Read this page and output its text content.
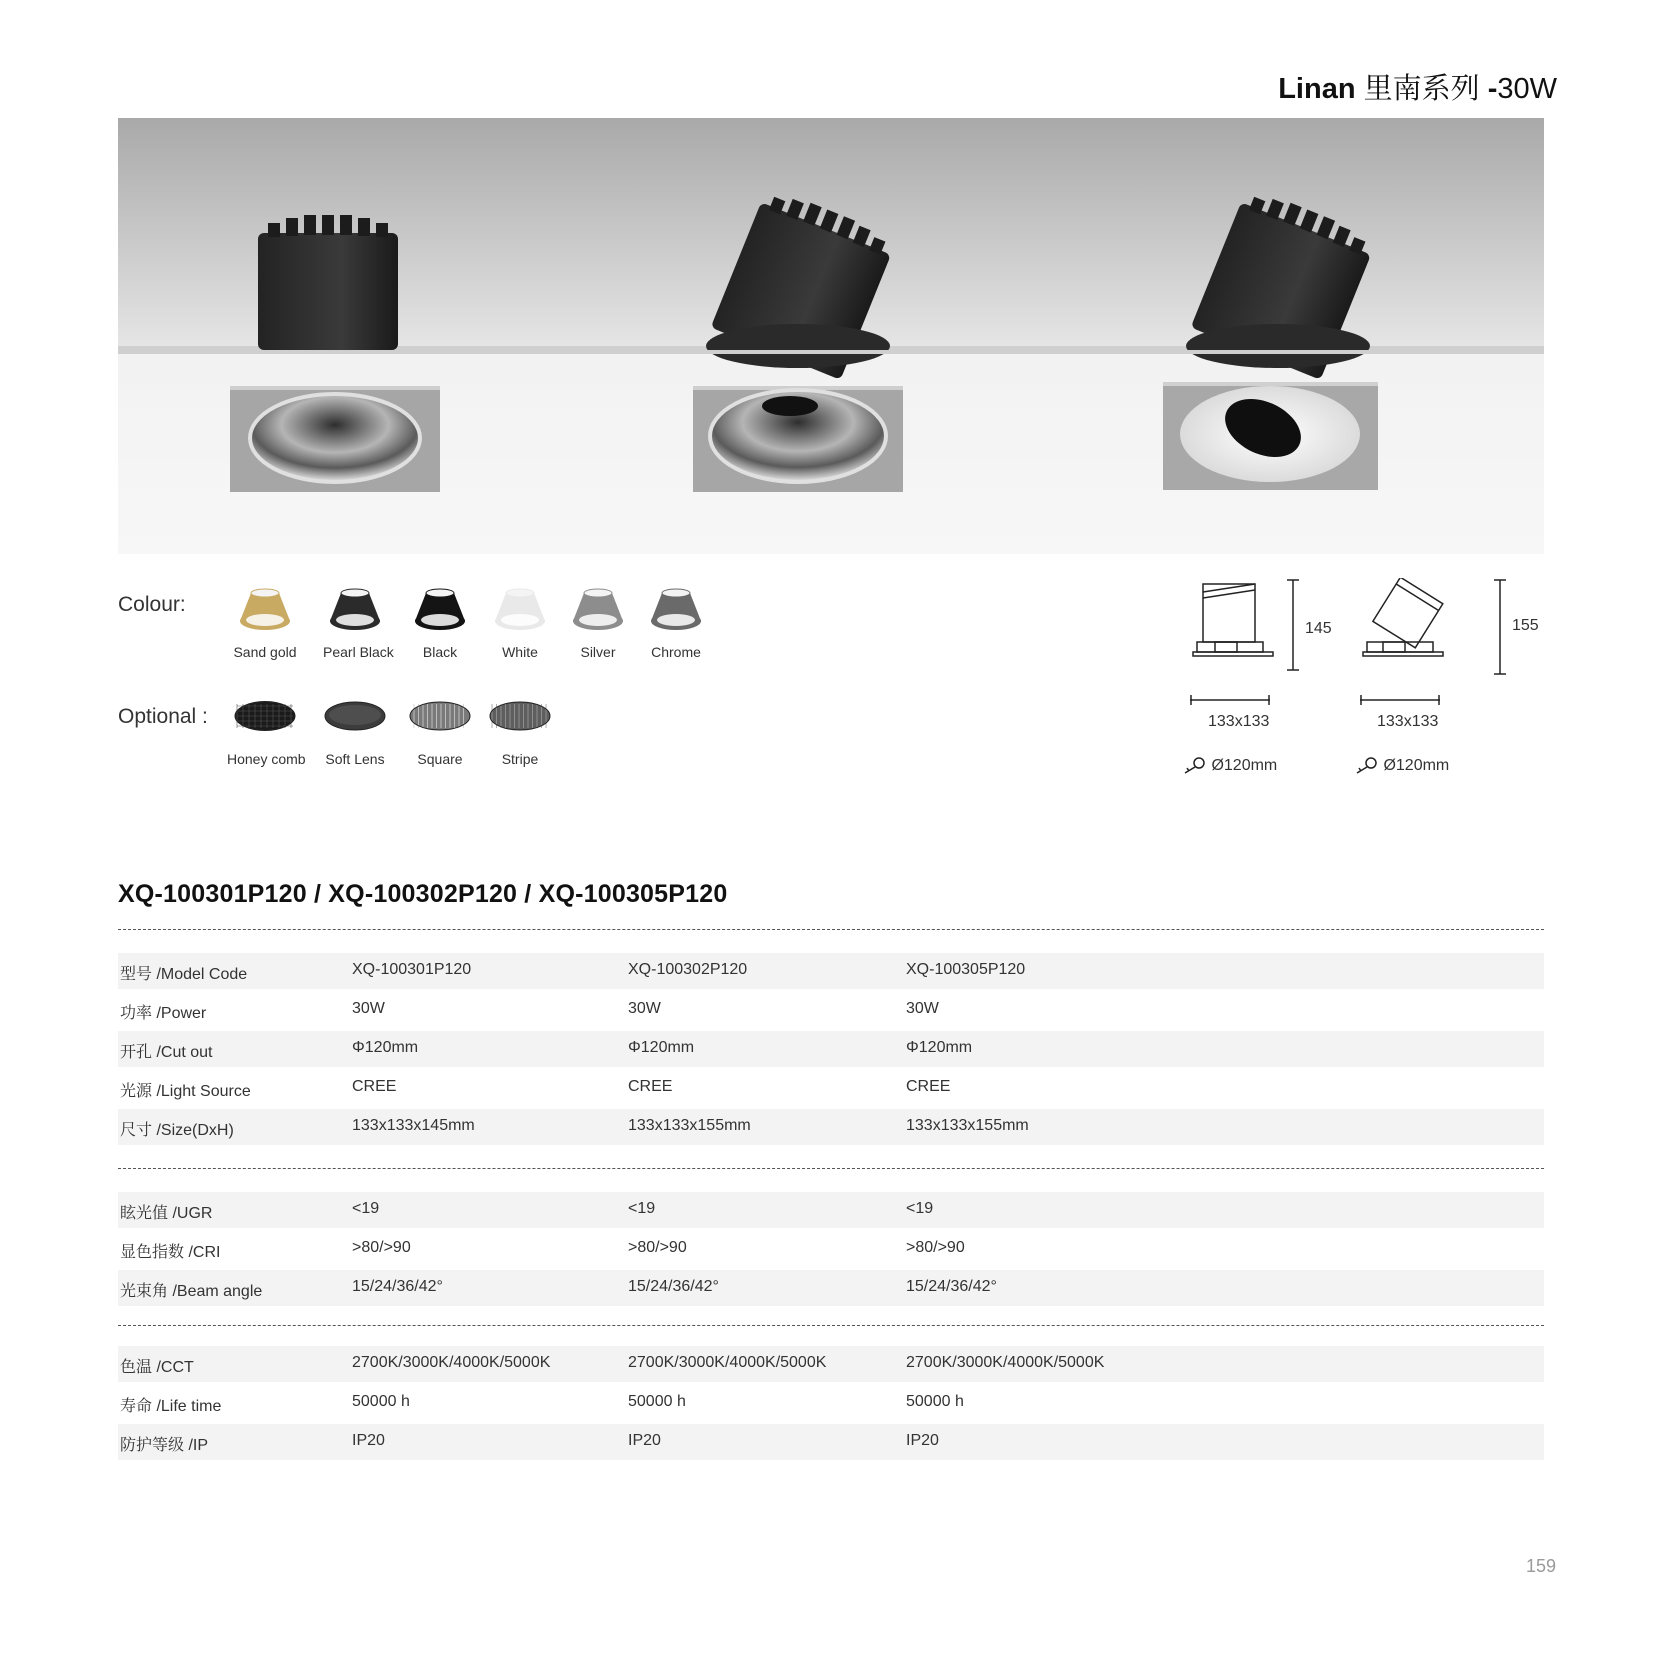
Linan 里南系列 -30W
Colour:
Sand gold Pearl Black	Black	White	Silver	Chrome
Optional :
Honey comb	Soft Lens	Square	Stripe
145
133x133
Ø120mm
155
133x133
Ø120mm
XQ-100301P120 / XQ-100302P120 / XQ-100305P120
型号 /Model Code	XQ-100301P120	XQ-100302P120	XQ-100305P120
功率 /Power	30W	30W	30W
开孔 /Cut out	Φ120mm	Φ120mm	Φ120mm
光源 /Light Source	CREE	CREE	CREE
尺寸 /Size(DxH)	133x133x145mm	133x133x155mm	133x133x155mm
眩光值 /UGR	<19	<19	<19
显色指数 /CRI	>80/>90	>80/>90	>80/>90
光束角 /Beam angle	15/24/36/42°	15/24/36/42°	15/24/36/42°
色温 /CCT	2700K/3000K/4000K/5000K	2700K/3000K/4000K/5000K	2700K/3000K/4000K/5000K
寿命 /Life time	50000 h	50000 h	50000 h
防护等级 /IP	IP20	IP20	IP20
159
